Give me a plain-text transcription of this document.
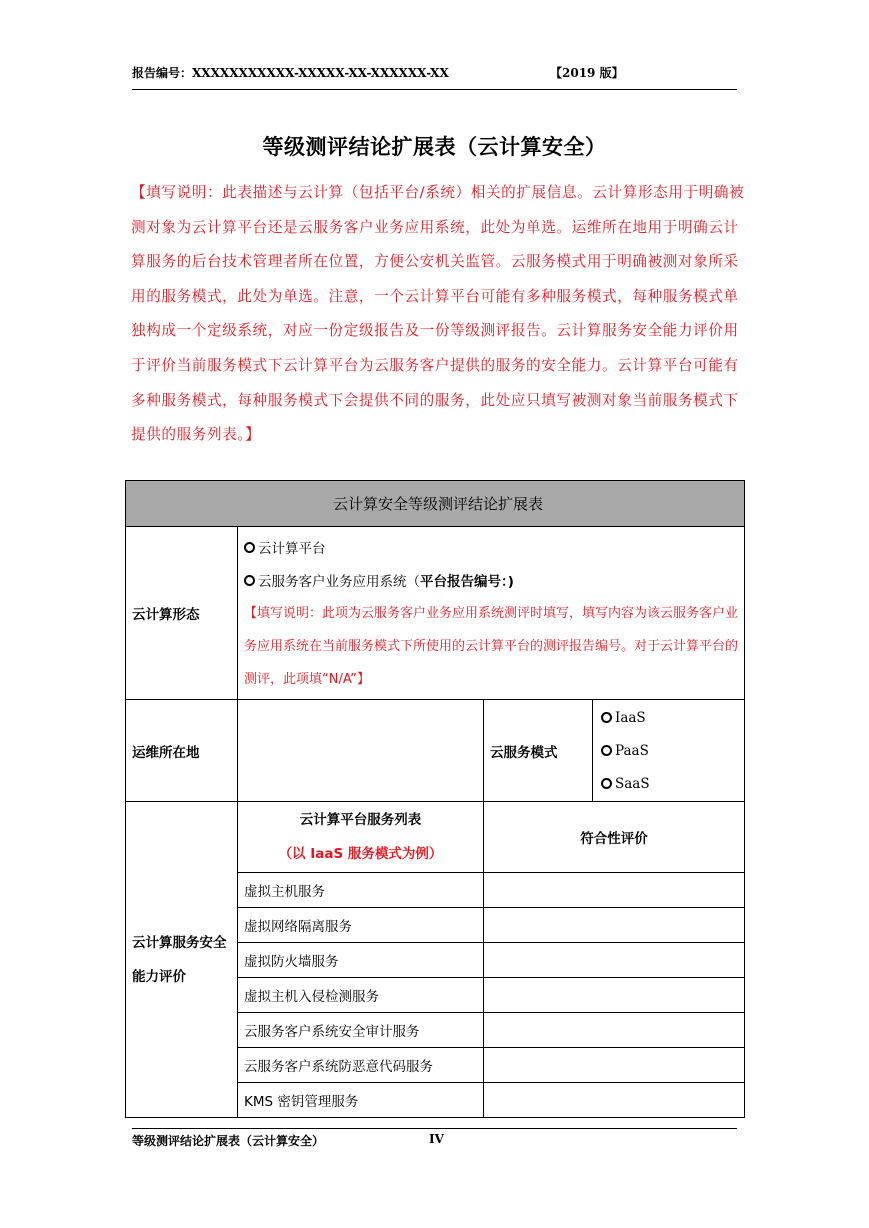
报告编号：XXXXXXXXXXX-XXXXX-XX-XXXXXX-XX	【2019 版】
等级测评结论扩展表（云计算安全）
【填写说明：此表描述与云计算（包括平台/系统）相关的扩展信息。云计算形态用于明确被测对象为云计算平台还是云服务客户业务应用系统，此处为单选。运维所在地用于明确云计算服务的后台技术管理者所在位置，方便公安机关监管。云服务模式用于明确被测对象所采用的服务模式，此处为单选。注意，一个云计算平台可能有多种服务模式，每种服务模式单独构成一个定级系统，对应一份定级报告及一份等级测评报告。云计算服务安全能力评价用于评价当前服务模式下云计算平台为云服务客户提供的服务的安全能力。云计算平台可能有多种服务模式，每种服务模式下会提供不同的服务，此处应只填写被测对象当前服务模式下提供的服务列表。】
云计算安全等级测评结论扩展表			
云计算形态	云计算平台
云服务客户业务应用系统（ 平台报告编号：)
【填写说明：此项为云服务客户业务应用系统测评时填写，填写内容为该云服务客户业务应用系统在当前服务模式下所使用的云计算平台的测评报告编号。对于云计算平台的测评，此项填“N/A”】		

运维所在地		云服务模式	IaaS
PaaS
SaaS

云计算服务安全能力评价	云计算平台服务列表
（以 IaaS 服务模式为例）	符合性评价	
	虚拟主机服务		
	虚拟网络隔离服务		
	虚拟防火墙服务		
	虚拟主机入侵检测服务		
	云服务客户系统安全审计服务		
	云服务客户系统防恶意代码服务		
	KMS 密钥管理服务		
等级测评结论扩展表（云计算安全）	IV
